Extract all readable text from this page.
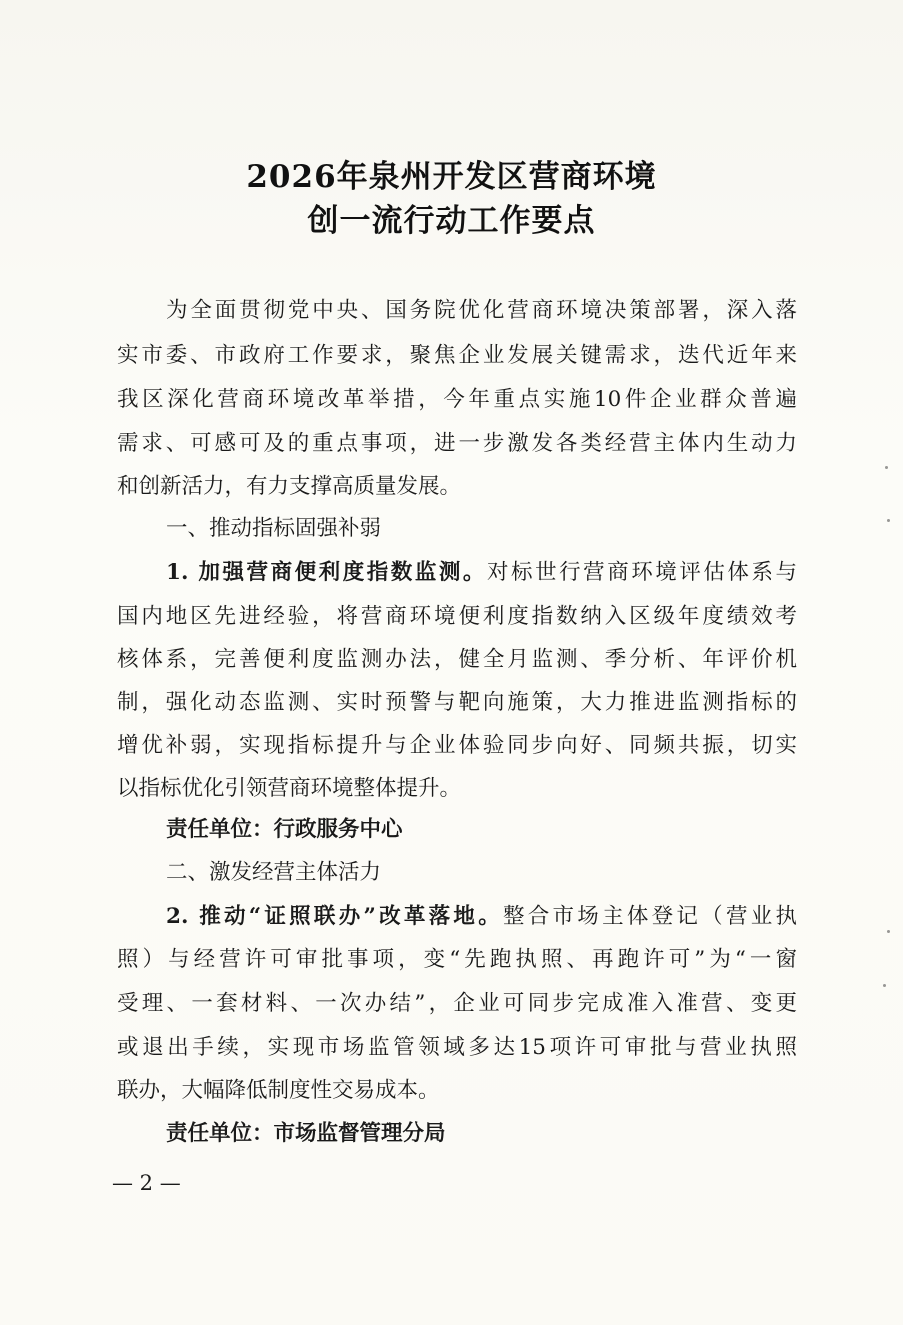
2026年泉州开发区营商环境
创一流行动工作要点
为全面贯彻党中央、国务院优化营商环境决策部署，深入落
实市委、市政府工作要求，聚焦企业发展关键需求，迭代近年来
我区深化营商环境改革举措，今年重点实施10件企业群众普遍
需求、可感可及的重点事项，进一步激发各类经营主体内生动力
和创新活力，有力支撑高质量发展。
一、推动指标固强补弱
1. 加强营商便利度指数监测。对标世行营商环境评估体系与
国内地区先进经验，将营商环境便利度指数纳入区级年度绩效考
核体系，完善便利度监测办法，健全月监测、季分析、年评价机
制，强化动态监测、实时预警与靶向施策，大力推进监测指标的
增优补弱，实现指标提升与企业体验同步向好、同频共振，切实
以指标优化引领营商环境整体提升。
责任单位：行政服务中心
二、激发经营主体活力
2. 推动“证照联办”改革落地。整合市场主体登记（营业执
照）与经营许可审批事项，变“先跑执照、再跑许可”为“一窗
受理、一套材料、一次办结”，企业可同步完成准入准营、变更
或退出手续，实现市场监管领域多达15项许可审批与营业执照
联办，大幅降低制度性交易成本。
责任单位：市场监督管理分局
— 2 —
